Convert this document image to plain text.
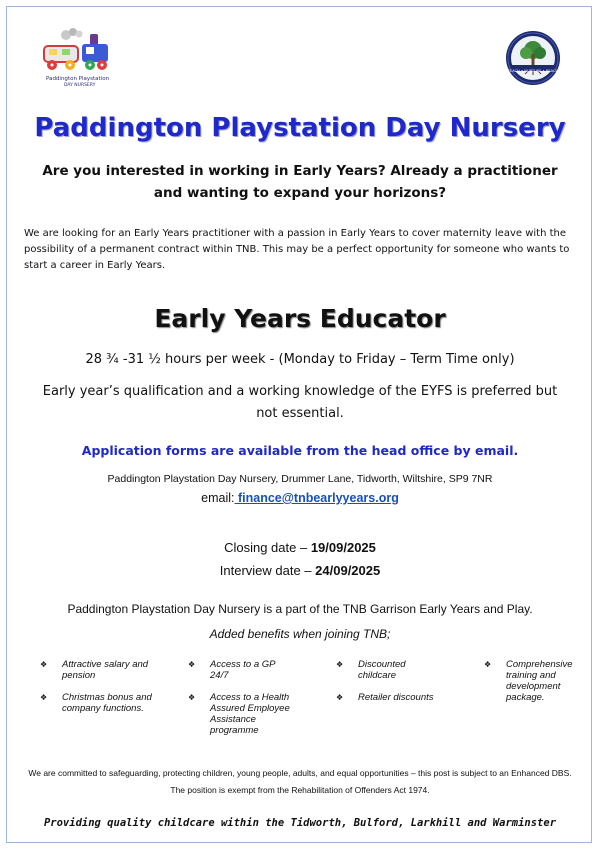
Paddington Playstation
DAY NURSERY
TEACH • NURTURE • REACH
Paddington Playstation Day Nursery
Are you interested in working in Early Years? Already a practitioner and wanting to expand your horizons?
We are looking for an Early Years practitioner with a passion in Early Years to cover maternity leave with the possibility of a permanent contract within TNB. This may be a perfect opportunity for someone who wants to start a career in Early Years.
Early Years Educator
28 ¾ -31 ½ hours per week - (Monday to Friday – Term Time only)
Early year’s qualification and a working knowledge of the EYFS is preferred but not essential.
Application forms are available from the head office by email.
Paddington Playstation Day Nursery, Drummer Lane, Tidworth, Wiltshire, SP9 7NR
email: finance@tnbearlyyears.org
Closing date – 19/09/2025
Interview date – 24/09/2025
Paddington Playstation Day Nursery is a part of the TNB Garrison Early Years and Play.
Added benefits when joining TNB;
❖ Attractive salary and pension
❖ Christmas bonus and company functions.
❖ Access to a GP 24/7
❖ Access to a Health Assured Employee Assistance programme
❖ Discounted childcare
❖ Retailer discounts
❖ Comprehensive training and development package.
We are committed to safeguarding, protecting children, young people, adults, and equal opportunities – this post is subject to an Enhanced DBS.
The position is exempt from the Rehabilitation of Offenders Act 1974.
Providing quality childcare within the Tidworth, Bulford, Larkhill and Warminster
